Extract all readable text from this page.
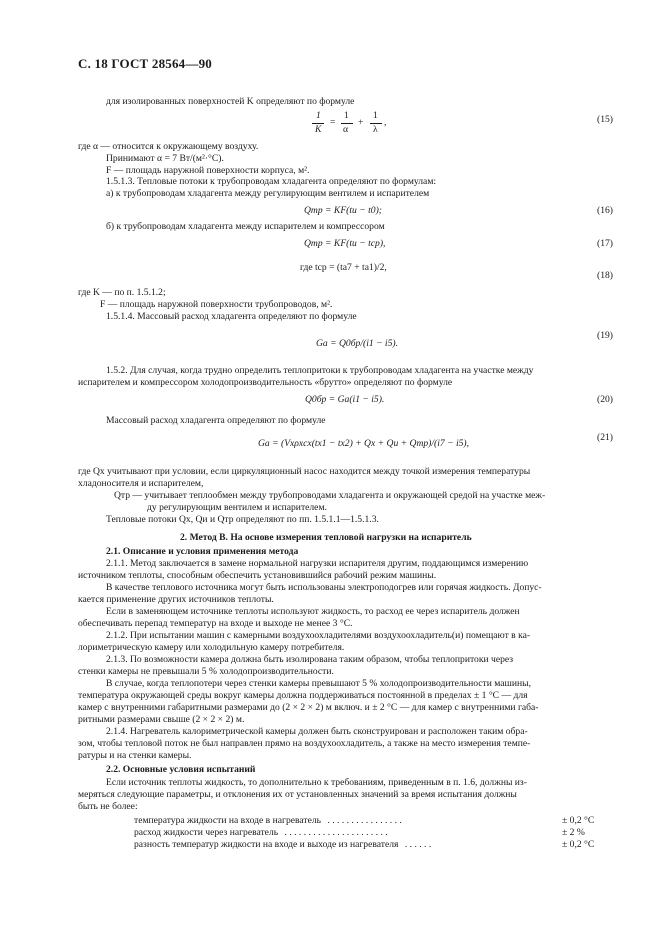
С. 18 ГОСТ 28564—90
для изолированных поверхностей K определяют по формуле
1
K
=
1
α
+
1
λ
,	(15)
где α — относится к окружающему воздуху.
Принимают α = 7 Вт/(м²·°С).
F — площадь наружной поверхности корпуса, м².
1.5.1.3. Тепловые потоки к трубопроводам хладагента определяют по формулам:
а) к трубопроводам хладагента между регулирующим вентилем и испарителем
Qтр = KF(tи − t0);	(16)
б) к трубопроводам хладагента между испарителем и компрессором
Qтр = KF(tи − tср),	(17)
где tср = (tа7 + tа1)/2,
(18)
где K — по п. 1.5.1.2;
F — площадь наружной поверхности трубопроводов, м².
1.5.1.4. Массовый расход хладагента определяют по формуле
Gа = Q0бр/(i1 − i5).
(19)
1.5.2. Для случая, когда трудно определить теплопритоки к трубопроводам хладагента на участке между
испарителем и компрессором холодопроизводительность «брутто» определяют по формуле
Q0бр = Gа(i1 − i5).	(20)
Массовый расход хладагента определяют по формуле
Gа = (Vxρxcx(tх1 − tх2) + Qx + Qи + Qтр)/(i7 − i5),
(21)
где Qx учитывают при условии, если циркуляционный насос находится между точкой измерения температуры
хладоносителя и испарителем,
Qтр — учитывает теплообмен между трубопроводами хладагента и окружающей средой на участке меж-
ду регулирующим вентилем и испарителем.
Тепловые потоки Qx, Qи и Qтр определяют по пп. 1.5.1.1—1.5.1.3.
2. Метод В. На основе измерения тепловой нагрузки на испаритель
2.1. Описание и условия применения метода
2.1.1. Метод заключается в замене нормальной нагрузки испарителя другим, поддающимся измерению
источником теплоты, способным обеспечить установившийся рабочий режим машины.
В качестве теплового источника могут быть использованы электроподогрев или горячая жидкость. Допус-
кается применение других источников теплоты.
Если в заменяющем источнике теплоты используют жидкость, то расход ее через испаритель должен
обеспечивать перепад температур на входе и выходе не менее 3 °С.
2.1.2. При испытании машин с камерными воздухоохладителями воздухоохладитель(и) помещают в ка-
лориметрическую камеру или холодильную камеру потребителя.
2.1.3. По возможности камера должна быть изолирована таким образом, чтобы теплопритоки через
стенки камеры не превышали 5 % холодопроизводительности.
В случае, когда теплопотери через стенки камеры превышают 5 % холодопроизводительности машины,
температура окружающей среды вокруг камеры должна поддерживаться постоянной в пределах ± 1 °С — для
камер с внутренними габаритными размерами до (2 × 2 × 2) м включ. и ± 2 °С — для камер с внутренними габа-
ритными размерами свыше (2 × 2 × 2) м.
2.1.4. Нагреватель калориметрической камеры должен быть сконструирован и расположен таким обра-
зом, чтобы тепловой поток не был направлен прямо на воздухоохладитель, а также на место измерения темпе-
ратуры и на стенки камеры.
2.2. Основные условия испытаний
Если источник теплоты жидкость, то дополнительно к требованиям, приведенным в п. 1.6, должны из-
меряться следующие параметры, и отклонения их от установленных значений за время испытания должны
быть не более:
температура жидкости на входе в нагреватель . . . . . . . . . . . . . . . .	± 0,2 °С
расход жидкости через нагреватель . . . . . . . . . . . . . . . . . . . . . .	± 2 %
разность температур жидкости на входе и выходе из нагревателя . . . . . .	± 0,2 °С
1/K = 1/α + 1/λ,
